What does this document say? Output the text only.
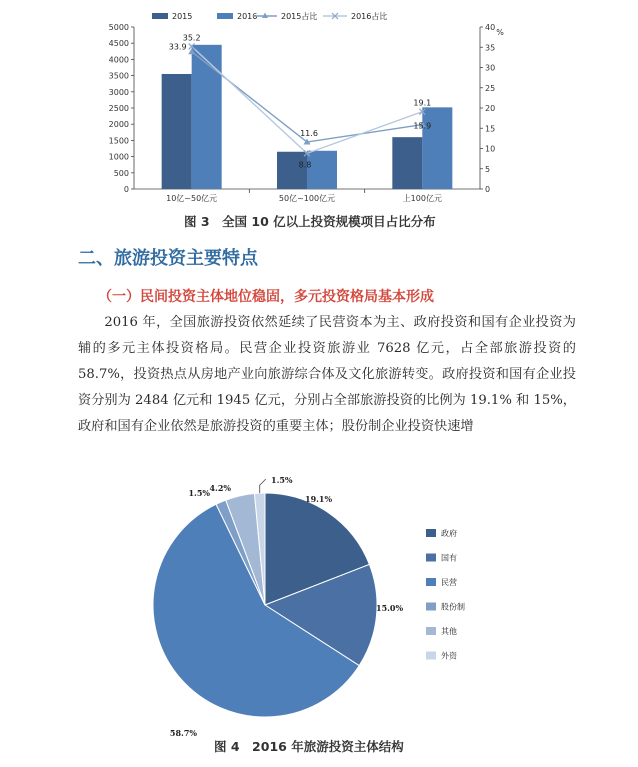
35.2
33.9
11.6
8.8
19.1
15.9
0
500
1000
1500
2000
2500
3000
3500
4000
4500
5000
0
5
10
15
20
25
30
35
40
%
10亿~50亿元	50亿~100亿元	上100亿元
2015	2016	2015占比	2016占比
图 3　全国 10 亿以上投资规模项目占比分布
二、旅游投资主要特点
（一）民间投资主体地位稳固，多元投资格局基本形成

2016 年，全国旅游投资依然延续了民营资本为主、政府投资和国有企业投资为辅的多元主体投资格局。民营企业投资旅游业 7628 亿元，占全部旅游投资的 58.7%，投资热点从房地产业向旅游综合体及文化旅游转变。政府投资和国有企业投资分别为 2484 亿元和 1945 亿元，分别占全部旅游投资的比例为 19.1% 和 15%，政府和国有企业依然是旅游投资的重要主体；股份制企业投资快速增

19.1%
15.0%
58.7%
1.5% 4.2%
1.5%
政府
国有
民营
股份制
其他
外资
图 4　2016 年旅游投资主体结构
